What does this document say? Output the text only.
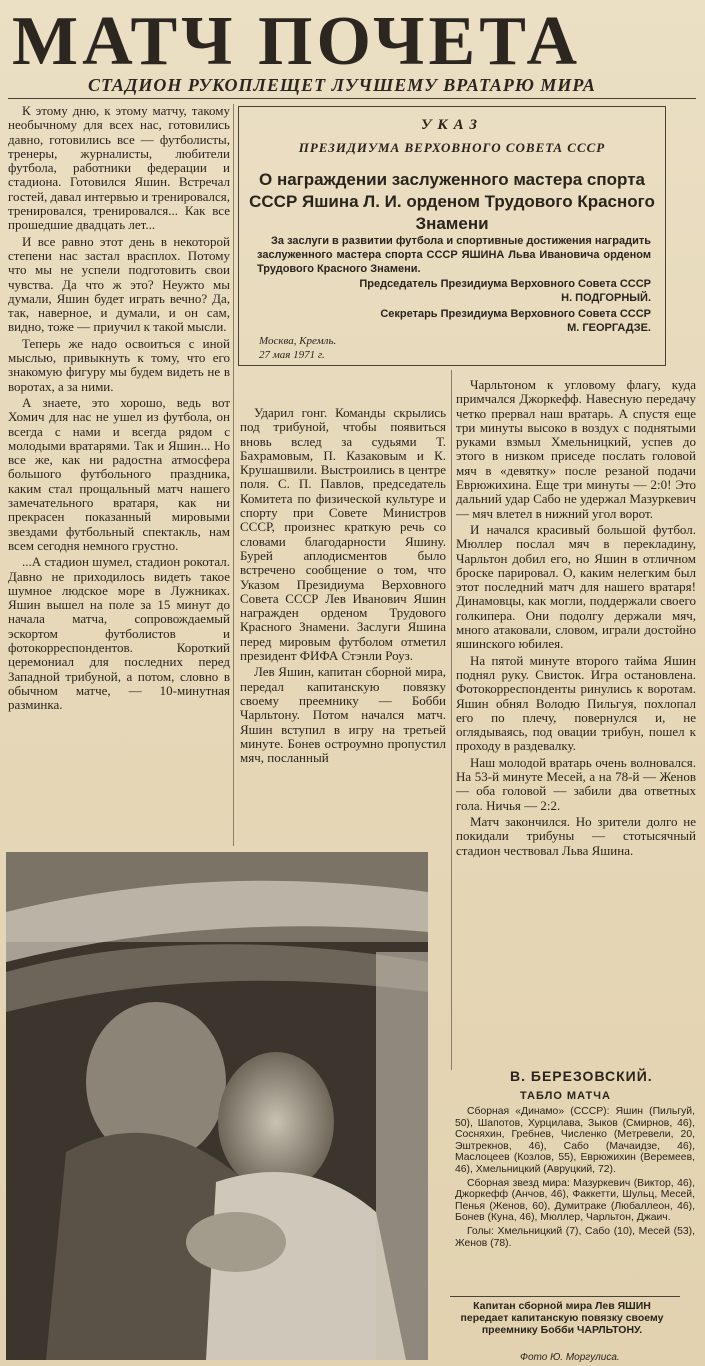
МАТЧ ПОЧЕТА
СТАДИОН РУКОПЛЕЩЕТ ЛУЧШЕМУ ВРАТАРЮ МИРА
УКАЗ
ПРЕЗИДИУМА ВЕРХОВНОГО СОВЕТА СССР
О награждении заслуженного мастера спорта СССР Яшина Л. И. орденом Трудового Красного Знамени
За заслуги в развитии футбола и спортивные достижения наградить заслуженного мастера спорта СССР ЯШИНА Льва Ивановича орденом Трудового Красного Знамени.
Председатель Президиума Верховного Совета СССР
Н. ПОДГОРНЫЙ.
Секретарь Президиума Верховного Совета СССР
М. ГЕОРГАДЗЕ.
Москва, Кремль.
27 мая 1971 г.

К этому дню, к этому матчу, такому необычному для всех нас, готовились давно, готовились все — футболисты, тренеры, журналисты, любители футбола, работники федерации и стадиона. Готовился Яшин. Встречал гостей, давал интервью и тренировался, тренировался, тренировался... Как все прошедшие двадцать лет...

И все равно этот день в некоторой степени нас застал врасплох. Потому что мы не успели подготовить свои чувства. Да что ж это? Неужто мы думали, Яшин будет играть вечно? Да, так, наверное, и думали, и он сам, видно, тоже — приучил к такой мысли.

Теперь же надо освоиться с иной мыслью, привыкнуть к тому, что его знакомую фигуру мы будем видеть не в воротах, а за ними.

А знаете, это хорошо, ведь вот Хомич для нас не ушел из футбола, он всегда с нами и всегда рядом с молодыми вратарями. Так и Яшин... Но все же, как ни радостна атмосфера большого футбольного праздника, каким стал прощальный матч нашего замечательного вратаря, как ни прекрасен показанный мировыми звездами футбольный спектакль, нам всем сегодня немного грустно.

...А стадион шумел, стадион рокотал. Давно не приходилось видеть такое шумное людское море в Лужниках. Яшин вышел на поле за 15 минут до начала матча, сопровождаемый эскортом футболистов и фотокорреспондентов. Короткий церемониал для последних перед Западной трибуной, а потом, словно в обычном матче, — 10-минутная разминка.

Ударил гонг. Команды скрылись под трибуной, чтобы появиться вновь вслед за судьями Т. Бахрамовым, П. Казаковым и К. Крушашвили. Выстроились в центре поля. С. П. Павлов, председатель Комитета по физической культуре и спорту при Совете Министров СССР, произнес краткую речь со словами благодарности Яшину. Бурей аплодисментов было встречено сообщение о том, что Указом Президиума Верховного Совета СССР Лев Иванович Яшин награжден орденом Трудового Красного Знамени. Заслуги Яшина перед мировым футболом отметил президент ФИФА Стэнли Роуз.

Лев Яшин, капитан сборной мира, передал капитанскую повязку своему преемнику — Бобби Чарльтону. Потом начался матч. Яшин вступил в игру на третьей минуте. Бонев остроумно пропустил мяч, посланный

Чарльтоном к угловому флагу, куда примчался Джоркефф. Навесную передачу четко прервал наш вратарь. А спустя еще три минуты высоко в воздух с поднятыми руками взмыл Хмельницкий, успев до этого в низком приседе послать головой мяч в «девятку» после резаной подачи Еврюжихина. Еще три минуты — 2:0! Это дальний удар Сабо не удержал Мазуркевич — мяч влетел в нижний угол ворот.

И начался красивый большой футбол. Мюллер послал мяч в перекладину, Чарльтон добил его, но Яшин в отличном броске парировал. О, каким нелегким был этот последний матч для нашего вратаря! Динамовцы, как могли, поддержали своего голкипера. Они подолгу держали мяч, много атаковали, словом, играли достойно яшинского юбилея.

На пятой минуте второго тайма Яшин поднял руку. Свисток. Игра остановлена. Фотокорреспонденты ринулись к воротам. Яшин обнял Володю Пильгуя, похлопал его по плечу, повернулся и, не оглядываясь, под овации трибун, пошел к проходу в раздевалку.

Наш молодой вратарь очень волновался. На 53-й минуте Месей, а на 78-й — Женов — оба головой — забили два ответных гола. Ничья — 2:2.

Матч закончился. Но зрители долго не покидали трибуны — стотысячный стадион чествовал Льва Яшина.

В. БЕРЕЗОВСКИЙ.
ТАБЛО МАТЧА

Сборная «Динамо» (СССР): Яшин (Пильгуй, 50), Шапотов, Хурцилава, Зыков (Смирнов, 46), Сосняхин, Гребнев, Численко (Метревели, 20, Эштрекнов, 46), Сабо (Мачаидзе, 46), Маслоцеев (Козлов, 55), Еврюжихин (Веремеев, 46), Хмельницкий (Авруцкий, 72).

Сборная звезд мира: Мазуркевич (Виктор, 46), Джоркефф (Анчов, 46), Факкетти, Шульц, Месей, Пенья (Женов, 60), Думитраке (Любаллеон, 46), Бонев (Куна, 46), Мюллер, Чарльтон, Джаич.

Голы: Хмельницкий (7), Сабо (10), Месей (53), Женов (78).

Капитан сборной мира Лев ЯШИН передает капитанскую повязку своему преемнику Бобби ЧАРЛЬТОНУ.
Фото Ю. Моргулиса.
